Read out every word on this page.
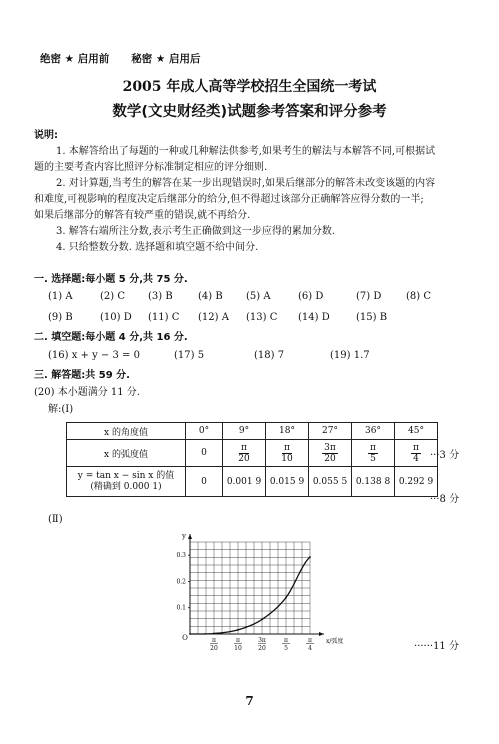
绝密 ★ 启用前 秘密 ★ 启用后
2005 年成人高等学校招生全国统一考试
数学(文史财经类)试题参考答案和评分参考
说明:
1. 本解答给出了每题的一种或几种解法供参考,如果考生的解法与本解答不同,可根据试
题的主要考查内容比照评分标准制定相应的评分细则.
2. 对计算题,当考生的解答在某一步出现错误时,如果后继部分的解答未改变该题的内容
和难度,可视影响的程度决定后继部分的给分,但不得超过该部分正确解答应得分数的一半;
如果后继部分的解答有较严重的错误,就不再给分.
3. 解答右端所注分数,表示考生正确做到这一步应得的累加分数.
4. 只给整数分数. 选择题和填空题不给中间分.
一. 选择题:每小题 5 分,共 75 分.
(1) A	(2) C	(3) B	(4) B	(5) A	(6) D	(7) D	(8) C
(9) B	(10) D	(11) C	(12) A	(13) C	(14) D	(15) B
二. 填空题:每小题 4 分,共 16 分.
(16) x + y − 3 = 0	(17) 5	(18) 7	(19) 1.7
三. 解答题:共 59 分.
(20) 本小题满分 11 分.
解:(Ⅰ)
x 的角度值	0°	9°	18°	27°	36°	45°
x 的弧度值	0	$\frac{\pi}{20}$	$\frac{\pi}{10}$	$\frac{3\pi}{20}$	$\frac{\pi}{5}$	$\frac{\pi}{4}$

y = tan x − sin x 的值
(精确到 0.000 1)	0	0.001 9	0.015 9	0.055 5	0.138 8	0.292 9
···3 分
···8 分
(Ⅱ)
0.1
0.2
0.3
y
O	π
20
π
10
3π
20
π
5
π
4
x/弧度	······11 分
7
